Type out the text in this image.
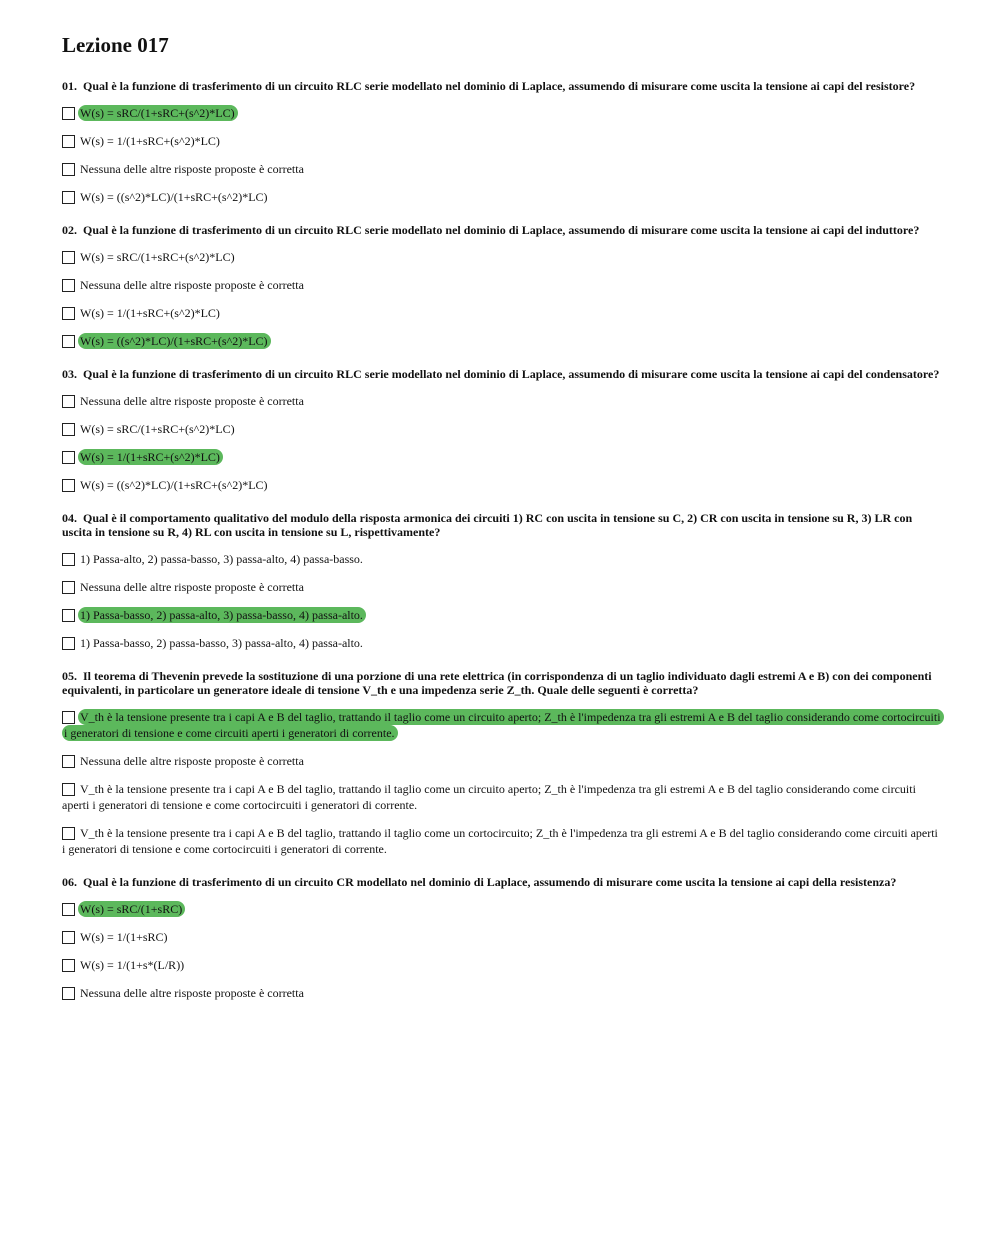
Lezione 017
01. Qual è la funzione di trasferimento di un circuito RLC serie modellato nel dominio di Laplace, assumendo di misurare come uscita la tensione ai capi del resistore?
W(s) = sRC/(1+sRC+(s^2)*LC)
W(s) = 1/(1+sRC+(s^2)*LC)
Nessuna delle altre risposte proposte è corretta
W(s) = ((s^2)*LC)/(1+sRC+(s^2)*LC)
02. Qual è la funzione di trasferimento di un circuito RLC serie modellato nel dominio di Laplace, assumendo di misurare come uscita la tensione ai capi del induttore?
W(s) = sRC/(1+sRC+(s^2)*LC)
Nessuna delle altre risposte proposte è corretta
W(s) = 1/(1+sRC+(s^2)*LC)
W(s) = ((s^2)*LC)/(1+sRC+(s^2)*LC)
03. Qual è la funzione di trasferimento di un circuito RLC serie modellato nel dominio di Laplace, assumendo di misurare come uscita la tensione ai capi del condensatore?
Nessuna delle altre risposte proposte è corretta
W(s) = sRC/(1+sRC+(s^2)*LC)
W(s) = 1/(1+sRC+(s^2)*LC)
W(s) = ((s^2)*LC)/(1+sRC+(s^2)*LC)
04. Qual è il comportamento qualitativo del modulo della risposta armonica dei circuiti 1) RC con uscita in tensione su C, 2) CR con uscita in tensione su R, 3) LR con uscita in tensione su R, 4) RL con uscita in tensione su L, rispettivamente?
1) Passa-alto, 2) passa-basso, 3) passa-alto, 4) passa-basso.
Nessuna delle altre risposte proposte è corretta
1) Passa-basso, 2) passa-alto, 3) passa-basso, 4) passa-alto.
1) Passa-basso, 2) passa-basso, 3) passa-alto, 4) passa-alto.
05. Il teorema di Thevenin prevede la sostituzione di una porzione di una rete elettrica (in corrispondenza di un taglio individuato dagli estremi A e B) con dei componenti equivalenti, in particolare un generatore ideale di tensione V_th e una impedenza serie Z_th. Quale delle seguenti è corretta?
V_th è la tensione presente tra i capi A e B del taglio, trattando il taglio come un circuito aperto; Z_th è l'impedenza tra gli estremi A e B del taglio considerando come cortocircuiti i generatori di tensione e come circuiti aperti i generatori di corrente.
Nessuna delle altre risposte proposte è corretta
V_th è la tensione presente tra i capi A e B del taglio, trattando il taglio come un circuito aperto; Z_th è l'impedenza tra gli estremi A e B del taglio considerando come circuiti aperti i generatori di tensione e come cortocircuiti i generatori di corrente.
V_th è la tensione presente tra i capi A e B del taglio, trattando il taglio come un cortocircuito; Z_th è l'impedenza tra gli estremi A e B del taglio considerando come circuiti aperti i generatori di tensione e come cortocircuiti i generatori di corrente.
06. Qual è la funzione di trasferimento di un circuito CR modellato nel dominio di Laplace, assumendo di misurare come uscita la tensione ai capi della resistenza?
W(s) = sRC/(1+sRC)
W(s) = 1/(1+sRC)
W(s) = 1/(1+s*(L/R))
Nessuna delle altre risposte proposte è corretta
